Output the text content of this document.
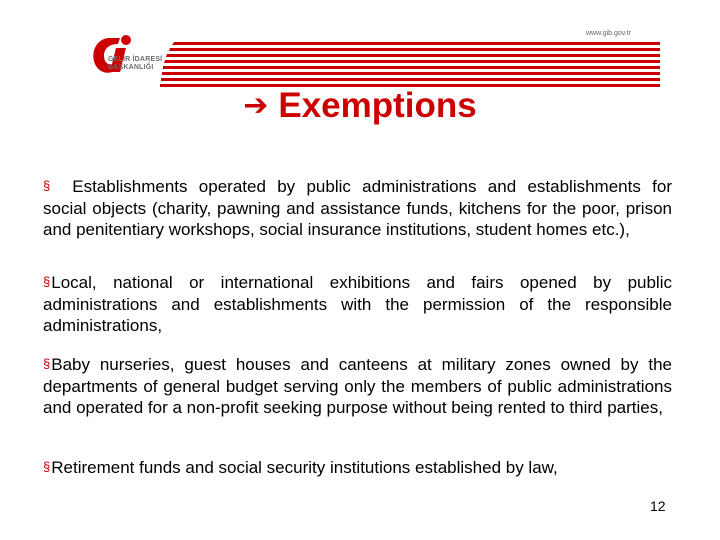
GELİR İDARESİ
BAŞKANLIĞI
www.gib.gov.tr
➔ Exemptions
§ Establishments operated by public administrations and establishments for social objects (charity, pawning and assistance funds, kitchens for the poor, prison and penitentiary workshops, social insurance institutions, student homes etc.),
§Local, national or international exhibitions and fairs opened by public administrations and establishments with the permission of the responsible administrations,
§Baby nurseries, guest houses and canteens at military zones owned by the departments of general budget serving only the members of public administrations and operated for a non-profit seeking purpose without being rented to third parties,
§Retirement funds and social security institutions established by law,
12
